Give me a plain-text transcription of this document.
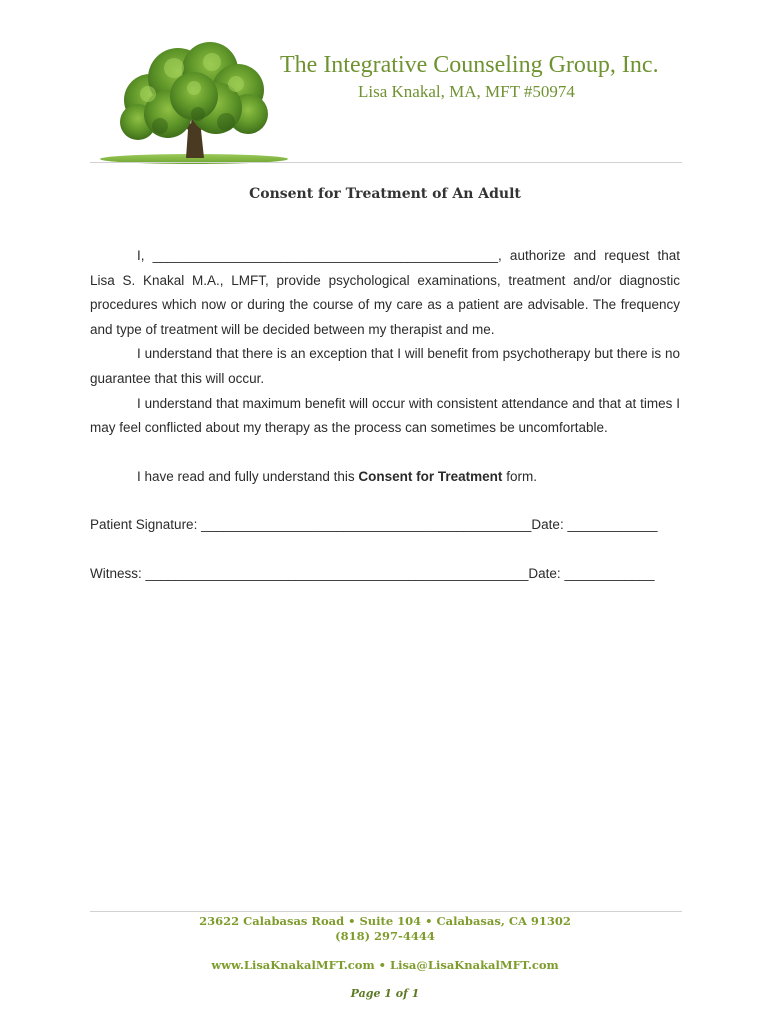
The Integrative Counseling Group, Inc.
Lisa Knakal, MA, MFT #50974
Consent for Treatment of An Adult

I, ______________________________________________, authorize and request that Lisa S. Knakal M.A., LMFT, provide psychological examinations, treatment and/or diagnostic procedures which now or during the course of my care as a patient are advisable. The frequency and type of treatment will be decided between my therapist and me.

I understand that there is an exception that I will benefit from psychotherapy but there is no guarantee that this will occur.

I understand that maximum benefit will occur with consistent attendance and that at times I may feel conflicted about my therapy as the process can sometimes be uncomfortable.

I have read and fully understand this Consent for Treatment form.

Patient Signature: ____________________________________________Date: ____________
Witness: ___________________________________________________Date: ____________
23622 Calabasas Road • Suite 104 • Calabasas, CA 91302
(818) 297-4444
www.LisaKnakalMFT.com • Lisa@LisaKnakalMFT.com
Page 1 of 1
